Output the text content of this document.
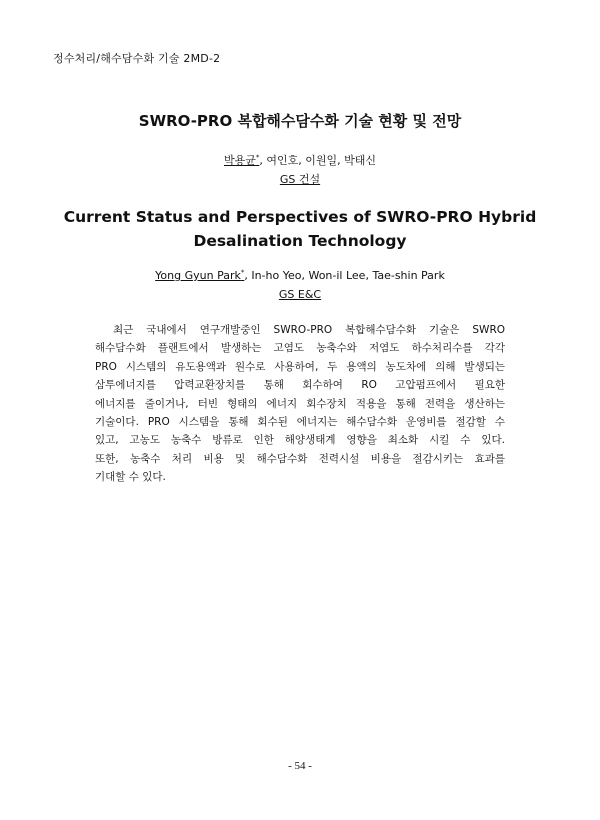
정수처리/해수담수화 기술 2MD-2
SWRO-PRO 복합해수담수화 기술 현황 및 전망
박용균*, 여인호, 이원일, 박태신
GS 건설
Current Status and Perspectives of SWRO-PRO Hybrid
Desalination Technology
Yong Gyun Park*, In-ho Yeo, Won-il Lee, Tae-shin Park
GS E&C
최근 국내에서 연구개발중인 SWRO-PRO 복합해수담수화 기술은 SWRO
해수담수화 플랜트에서 발생하는 고염도 농축수와 저염도 하수처리수를 각각
PRO 시스템의 유도용액과 원수로 사용하여, 두 용액의 농도차에 의해 발생되는
삼투에너지를 압력교환장치를 통해 회수하여 RO 고압펌프에서 필요한
에너지를 줄이거나, 터빈 형태의 에너지 회수장치 적용을 통해 전력을 생산하는
기술이다. PRO 시스템을 통해 회수된 에너지는 해수담수화 운영비를 절감할 수
있고, 고농도 농축수 방류로 인한 해양생태계 영향을 최소화 시킬 수 있다.
또한, 농축수 처리 비용 및 해수담수화 전력시설 비용을 절감시키는 효과를
기대할 수 있다.
- 54 -
